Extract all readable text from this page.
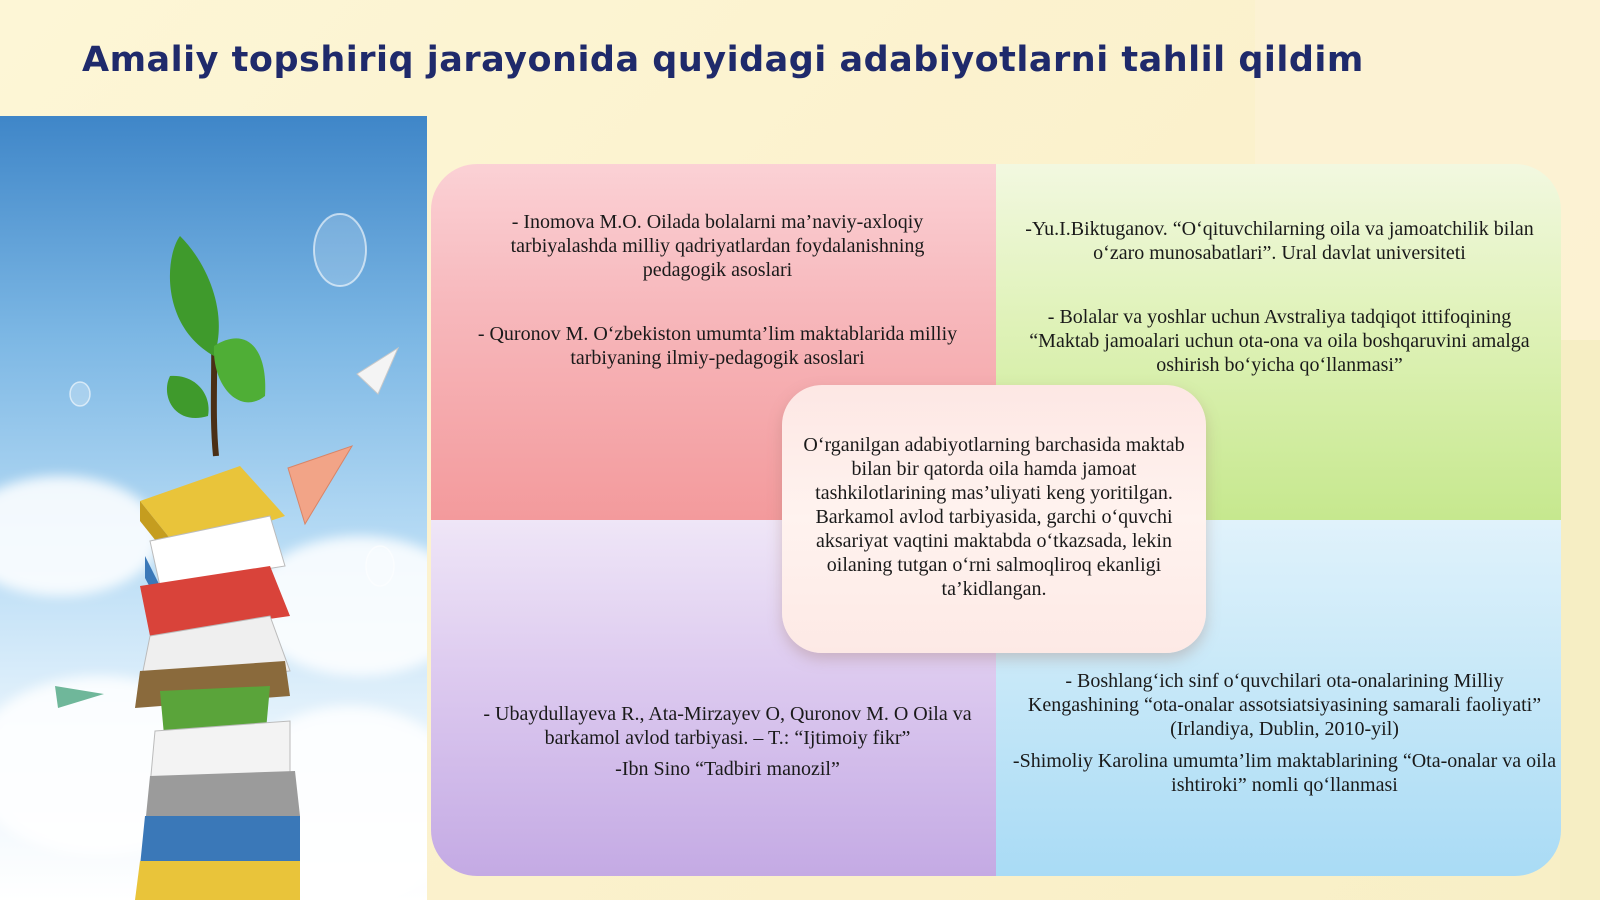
Amaliy topshiriq jarayonida quyidagi adabiyotlarni tahlil qildim
- Inomova M.O. Oilada bolalarni ma’naviy-axloqiy tarbiyalashda milliy qadriyatlardan foydalanishning pedagogik asoslari
- Quronov M. O‘zbekiston umumta’lim maktablarida milliy tarbiyaning ilmiy-pedagogik asoslari
-Yu.I.Biktuganov. “O‘qituvchilarning oila va jamoatchilik bilan o‘zaro munosabatlari”. Ural davlat universiteti
- Bolalar va yoshlar uchun Avstraliya tadqiqot ittifoqining “Maktab jamoalari uchun ota-ona va oila boshqaruvini amalga oshirish bo‘yicha qo‘llanmasi”
- Ubaydullayeva R., Ata-Mirzayev O, Quronov M. O Oila va barkamol avlod tarbiyasi. – T.: “Ijtimoiy fikr”
-Ibn Sino “Tadbiri manozil”
- Boshlang‘ich sinf o‘quvchilari ota-onalarining Milliy Kengashining “ota-onalar assotsiatsiyasining samarali faoliyati” (Irlandiya, Dublin, 2010-yil)
-Shimoliy Karolina umumta’lim maktablarining “Ota-onalar va oila ishtiroki” nomli qo‘llanmasi
O‘rganilgan adabiyotlarning barchasida maktab bilan bir qatorda oila hamda jamoat tashkilotlarining mas’uliyati keng yoritilgan. Barkamol avlod tarbiyasida, garchi o‘quvchi aksariyat vaqtini maktabda o‘tkazsada, lekin oilaning tutgan o‘rni salmoqliroq ekanligi ta’kidlangan.
